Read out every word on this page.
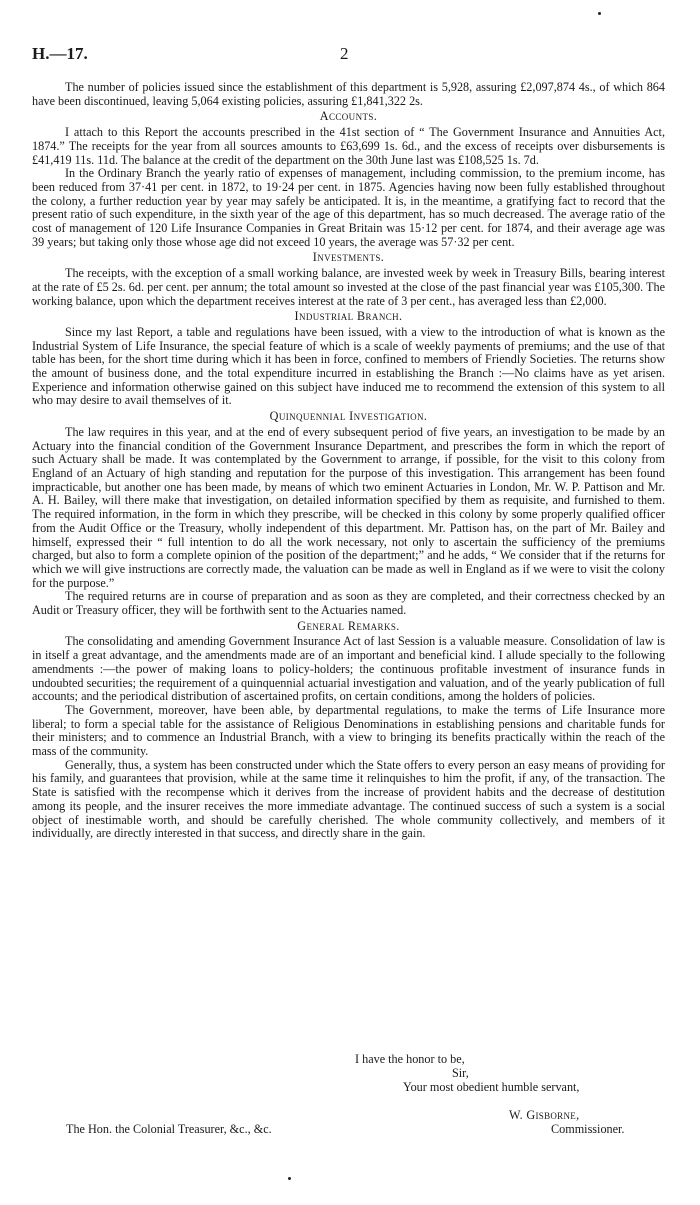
H.—17.	2

The number of policies issued since the establishment of this department is 5,928, assuring £2,097,874 4s., of which 864 have been discontinued, leaving 5,064 existing policies, assuring £1,841,322 2s.

Accounts.

I attach to this Report the accounts prescribed in the 41st section of “ The Government Insurance and Annuities Act, 1874.” The receipts for the year from all sources amounts to £63,699 1s. 6d., and the excess of receipts over disbursements is £41,419 11s. 11d. The balance at the credit of the department on the 30th June last was £108,525 1s. 7d.

In the Ordinary Branch the yearly ratio of expenses of management, including commission, to the premium income, has been reduced from 37·41 per cent. in 1872, to 19·24 per cent. in 1875. Agencies having now been fully established throughout the colony, a further reduction year by year may safely be anticipated. It is, in the meantime, a gratifying fact to record that the present ratio of such expenditure, in the sixth year of the age of this department, has so much decreased. The average ratio of the cost of management of 120 Life Insurance Companies in Great Britain was 15·12 per cent. for 1874, and their average age was 39 years; but taking only those whose age did not exceed 10 years, the average was 57·32 per cent.

Investments.

The receipts, with the exception of a small working balance, are invested week by week in Treasury Bills, bearing interest at the rate of £5 2s. 6d. per cent. per annum; the total amount so invested at the close of the past financial year was £105,300. The working balance, upon which the department receives interest at the rate of 3 per cent., has averaged less than £2,000.

Industrial Branch.

Since my last Report, a table and regulations have been issued, with a view to the introduction of what is known as the Industrial System of Life Insurance, the special feature of which is a scale of weekly payments of premiums; and the use of that table has been, for the short time during which it has been in force, confined to members of Friendly Societies. The returns show the amount of business done, and the total expenditure incurred in establishing the Branch :—No claims have as yet arisen. Experience and information otherwise gained on this subject have induced me to recommend the extension of this system to all who may desire to avail themselves of it.

Quinquennial Investigation.

The law requires in this year, and at the end of every subsequent period of five years, an investigation to be made by an Actuary into the financial condition of the Government Insurance Department, and prescribes the form in which the report of such Actuary shall be made. It was contemplated by the Government to arrange, if possible, for the visit to this colony from England of an Actuary of high standing and reputation for the purpose of this investigation. This arrangement has been found impracticable, but another one has been made, by means of which two eminent Actuaries in London, Mr. W. P. Pattison and Mr. A. H. Bailey, will there make that investigation, on detailed information specified by them as requisite, and furnished to them. The required information, in the form in which they prescribe, will be checked in this colony by some properly qualified officer from the Audit Office or the Treasury, wholly independent of this department. Mr. Pattison has, on the part of Mr. Bailey and himself, expressed their “ full intention to do all the work necessary, not only to ascertain the sufficiency of the premiums charged, but also to form a complete opinion of the position of the department;” and he adds, “ We consider that if the returns for which we will give instructions are correctly made, the valuation can be made as well in England as if we were to visit the colony for the purpose.”

The required returns are in course of preparation and as soon as they are completed, and their correctness checked by an Audit or Treasury officer, they will be forthwith sent to the Actuaries named.

General Remarks.

The consolidating and amending Government Insurance Act of last Session is a valuable measure. Consolidation of law is in itself a great advantage, and the amendments made are of an important and beneficial kind. I allude specially to the following amendments :—the power of making loans to policy-holders; the continuous profitable investment of insurance funds in undoubted securities; the requirement of a quinquennial actuarial investigation and valuation, and of the yearly publication of full accounts; and the periodical distribution of ascertained profits, on certain conditions, among the holders of policies.

The Government, moreover, have been able, by departmental regulations, to make the terms of Life Insurance more liberal; to form a special table for the assistance of Religious Denominations in establishing pensions and charitable funds for their ministers; and to commence an Industrial Branch, with a view to bringing its benefits practically within the reach of the mass of the community.

Generally, thus, a system has been constructed under which the State offers to every person an easy means of providing for his family, and guarantees that provision, while at the same time it relinquishes to him the profit, if any, of the transaction. The State is satisfied with the recompense which it derives from the increase of provident habits and the decrease of destitution among its people, and the insurer receives the more immediate advantage. The continued success of such a system is a social object of inestimable worth, and should be carefully cherished. The whole community collectively, and members of it individually, are directly interested in that success, and directly share in the gain.

I have the honor to be,
Sir,
Your most obedient humble servant,
W. Gisborne,
Commissioner.
The Hon. the Colonial Treasurer, &c., &c.
